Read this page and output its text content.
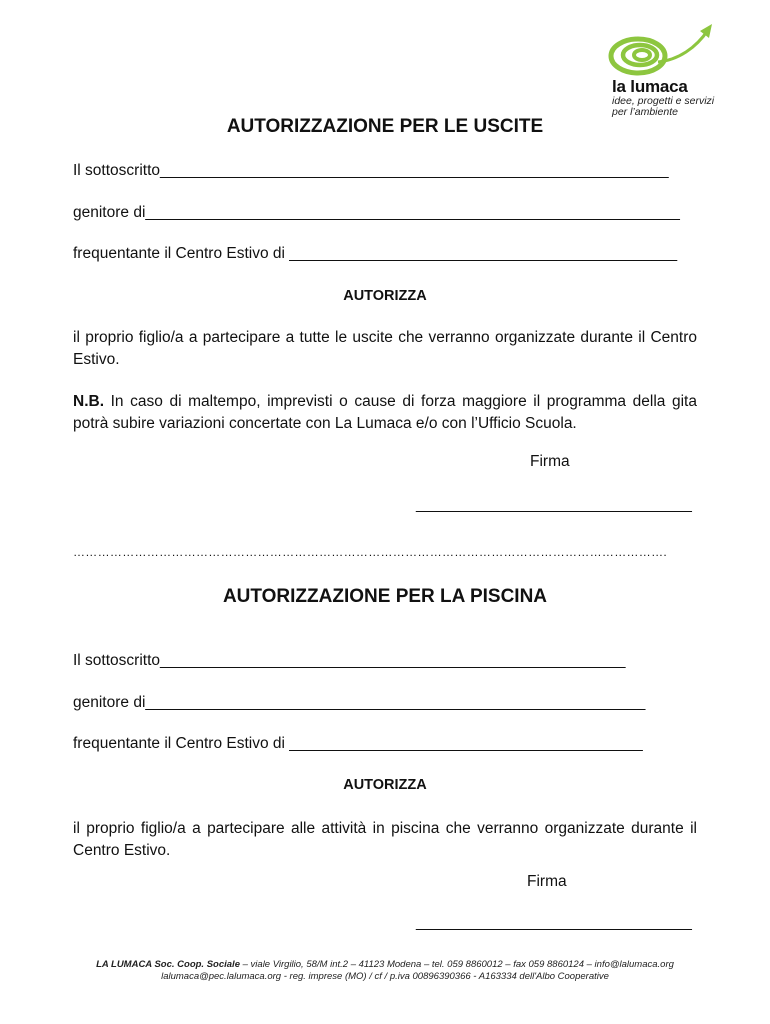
la lumaca
idee, progetti e servizi
per l’ambiente
AUTORIZZAZIONE PER LE USCITE
Il sottoscritto___________________________________________________________
genitore di______________________________________________________________
frequentante il Centro Estivo di _____________________________________________
AUTORIZZA
il proprio figlio/a a partecipare a tutte le uscite che verranno organizzate durante il Centro Estivo.
N.B. In caso di maltempo, imprevisti o cause di forza maggiore il programma della gita potrà subire variazioni concertate con La Lumaca e/o con l’Ufficio Scuola.
Firma
________________________________
……………………………………………………………………………………………………………………………….
AUTORIZZAZIONE PER LA PISCINA
Il sottoscritto______________________________________________________
genitore di__________________________________________________________
frequentante il Centro Estivo di _________________________________________
AUTORIZZA
il proprio figlio/a a partecipare alle attività in piscina che verranno organizzate durante il Centro Estivo.
Firma
________________________________
LA LUMACA Soc. Coop. Sociale – viale Virgilio, 58/M int.2 – 41123 Modena – tel. 059 8860012 – fax 059 8860124 – info@lalumaca.org
lalumaca@pec.lalumaca.org - reg. imprese (MO) / cf / p.iva 00896390366 - A163334 dell'Albo Cooperative
